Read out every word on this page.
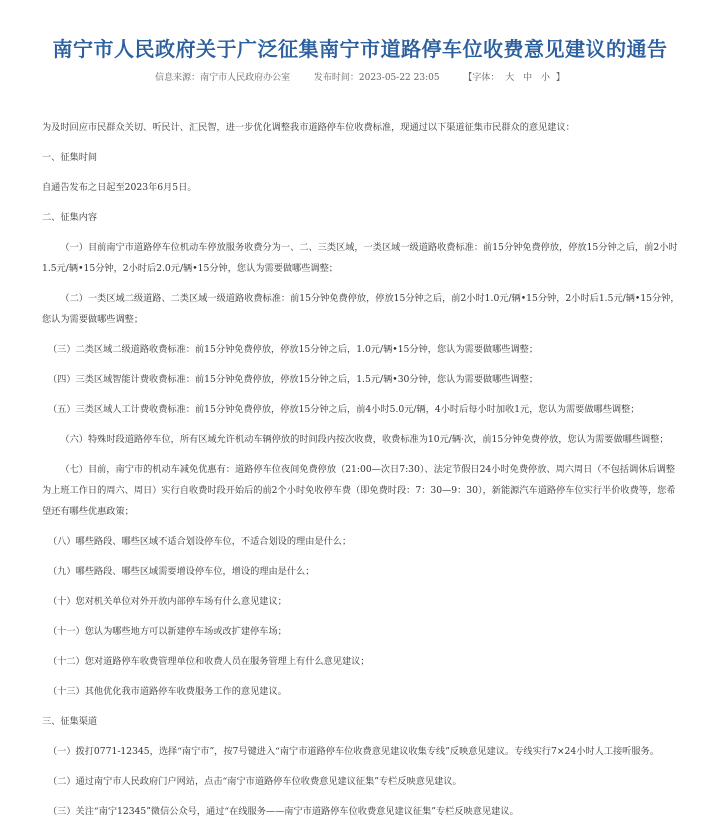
南宁市人民政府关于广泛征集南宁市道路停车位收费意见建议的通告
信息来源：南宁市人民政府办公室	发布时间：2023-05-22 23:05	【字体： 大 中 小 】

为及时回应市民群众关切、听民计、汇民智，进一步优化调整我市道路停车位收费标准，现通过以下渠道征集市民群众的意见建议：

一、征集时间

自通告发布之日起至2023年6月5日。

二、征集内容

（一）目前南宁市道路停车位机动车停放服务收费分为一、二、三类区域，一类区域一级道路收费标准：前15分钟免费停放，停放15分钟之后，前2小时1.5元/辆•15分钟，2小时后2.0元/辆•15分钟，您认为需要做哪些调整；

（二）一类区域二级道路、二类区域一级道路收费标准：前15分钟免费停放，停放15分钟之后，前2小时1.0元/辆•15分钟，2小时后1.5元/辆•15分钟，您认为需要做哪些调整；

（三）二类区域二级道路收费标准：前15分钟免费停放，停放15分钟之后，1.0元/辆•15分钟，您认为需要做哪些调整；

（四）三类区域智能计费收费标准：前15分钟免费停放，停放15分钟之后，1.5元/辆•30分钟，您认为需要做哪些调整；

（五）三类区域人工计费收费标准：前15分钟免费停放，停放15分钟之后，前4小时5.0元/辆，4小时后每小时加收1元，您认为需要做哪些调整；

（六）特殊时段道路停车位，所有区域允许机动车辆停放的时间段内按次收费，收费标准为10元/辆·次，前15分钟免费停放，您认为需要做哪些调整；

（七）目前，南宁市的机动车减免优惠有：道路停车位夜间免费停放（21:00—次日7:30）、法定节假日24小时免费停放、周六周日（不包括调休后调整为上班工作日的周六、周日）实行自收费时段开始后的前2个小时免收停车费（即免费时段：7：30—9：30），新能源汽车道路停车位实行半价收费等，您希望还有哪些优惠政策；

（八）哪些路段、哪些区域不适合划设停车位，不适合划设的理由是什么；

（九）哪些路段、哪些区域需要增设停车位，增设的理由是什么；

（十）您对机关单位对外开放内部停车场有什么意见建议；

（十一）您认为哪些地方可以新建停车场或改扩建停车场；

（十二）您对道路停车收费管理单位和收费人员在服务管理上有什么意见建议；

（十三）其他优化我市道路停车收费服务工作的意见建议。

三、征集渠道

（一）拨打0771-12345，选择“南宁市”，按7号键进入“南宁市道路停车位收费意见建议收集专线”反映意见建议。专线实行7×24小时人工接听服务。

（二）通过南宁市人民政府门户网站，点击“南宁市道路停车位收费意见建议征集”专栏反映意见建议。

（三）关注“南宁12345”微信公众号，通过“在线服务——南宁市道路停车位收费意见建议征集”专栏反映意见建议。
